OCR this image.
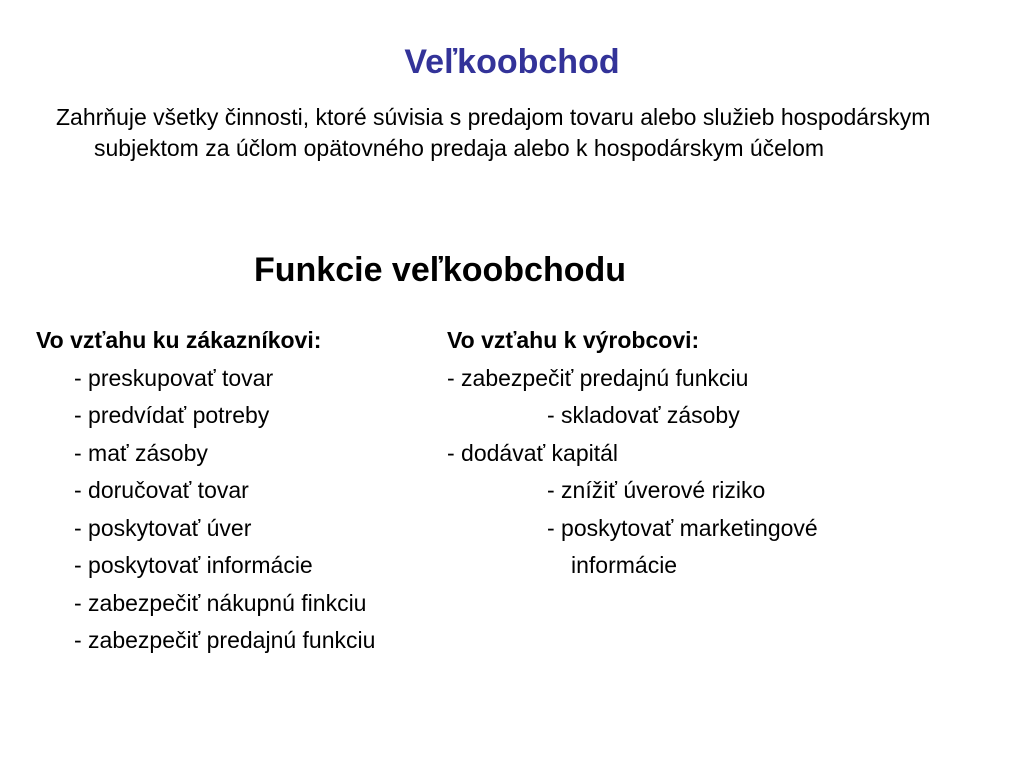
Veľkoobchod
Zahrňuje všetky činnosti, ktoré súvisia s predajom tovaru alebo služieb hospodárskym subjektom za účlom opätovného predaja alebo k hospodárskym účelom
Funkcie veľkoobchodu
Vo vzťahu ku zákazníkovi:
- preskupovať tovar
- predvídať potreby
- mať zásoby
- doručovať tovar
- poskytovať úver
- poskytovať informácie
- zabezpečiť nákupnú finkciu
- zabezpečiť predajnú funkciu
Vo vzťahu k výrobcovi:
- zabezpečiť predajnú funkciu
- skladovať zásoby
- dodávať kapitál
- znížiť úverové riziko
- poskytovať marketingové
informácie
